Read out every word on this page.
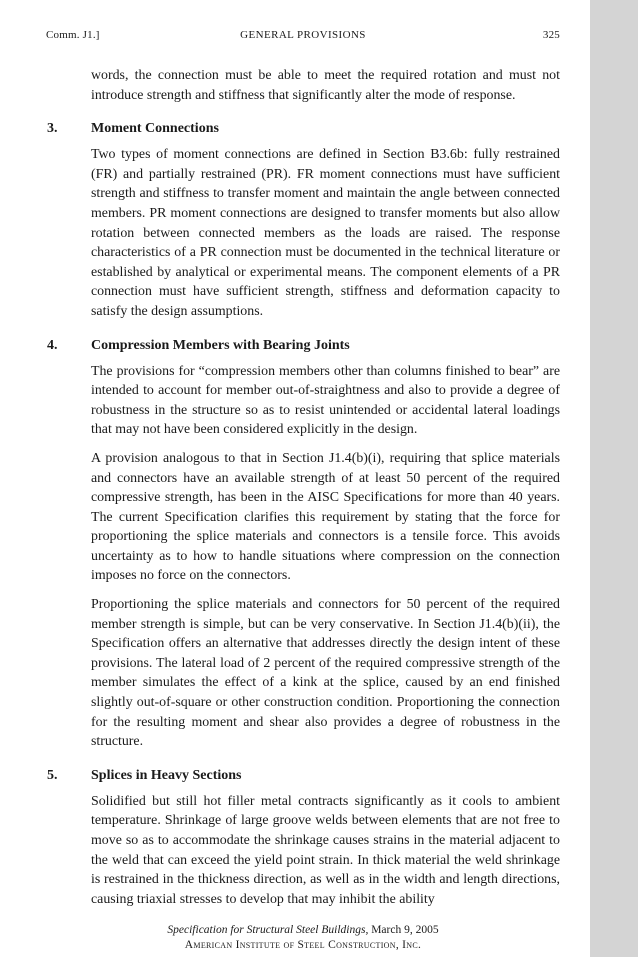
Comm. J1.]	GENERAL PROVISIONS	325

words, the connection must be able to meet the required rotation and must not introduce strength and stiffness that significantly alter the mode of response.

3. Moment Connections

Two types of moment connections are defined in Section B3.6b: fully restrained (FR) and partially restrained (PR). FR moment connections must have sufficient strength and stiffness to transfer moment and maintain the angle between connected members. PR moment connections are designed to transfer moments but also allow rotation between connected members as the loads are raised. The response characteristics of a PR connection must be documented in the technical literature or established by analytical or experimental means. The component elements of a PR connection must have sufficient strength, stiffness and deformation capacity to satisfy the design assumptions.

4. Compression Members with Bearing Joints

The provisions for “compression members other than columns finished to bear” are intended to account for member out-of-straightness and also to provide a degree of robustness in the structure so as to resist unintended or accidental lateral loadings that may not have been considered explicitly in the design.

A provision analogous to that in Section J1.4(b)(i), requiring that splice materials and connectors have an available strength of at least 50 percent of the required compressive strength, has been in the AISC Specifications for more than 40 years. The current Specification clarifies this requirement by stating that the force for proportioning the splice materials and connectors is a tensile force. This avoids uncertainty as to how to handle situations where compression on the connection imposes no force on the connectors.

Proportioning the splice materials and connectors for 50 percent of the required member strength is simple, but can be very conservative. In Section J1.4(b)(ii), the Specification offers an alternative that addresses directly the design intent of these provisions. The lateral load of 2 percent of the required compressive strength of the member simulates the effect of a kink at the splice, caused by an end finished slightly out-of-square or other construction condition. Proportioning the connection for the resulting moment and shear also provides a degree of robustness in the structure.

5. Splices in Heavy Sections

Solidified but still hot filler metal contracts significantly as it cools to ambient temperature. Shrinkage of large groove welds between elements that are not free to move so as to accommodate the shrinkage causes strains in the material adjacent to the weld that can exceed the yield point strain. In thick material the weld shrinkage is restrained in the thickness direction, as well as in the width and length directions, causing triaxial stresses to develop that may inhibit the ability

Specification for Structural Steel Buildings, March 9, 2005
American Institute of Steel Construction, Inc.
